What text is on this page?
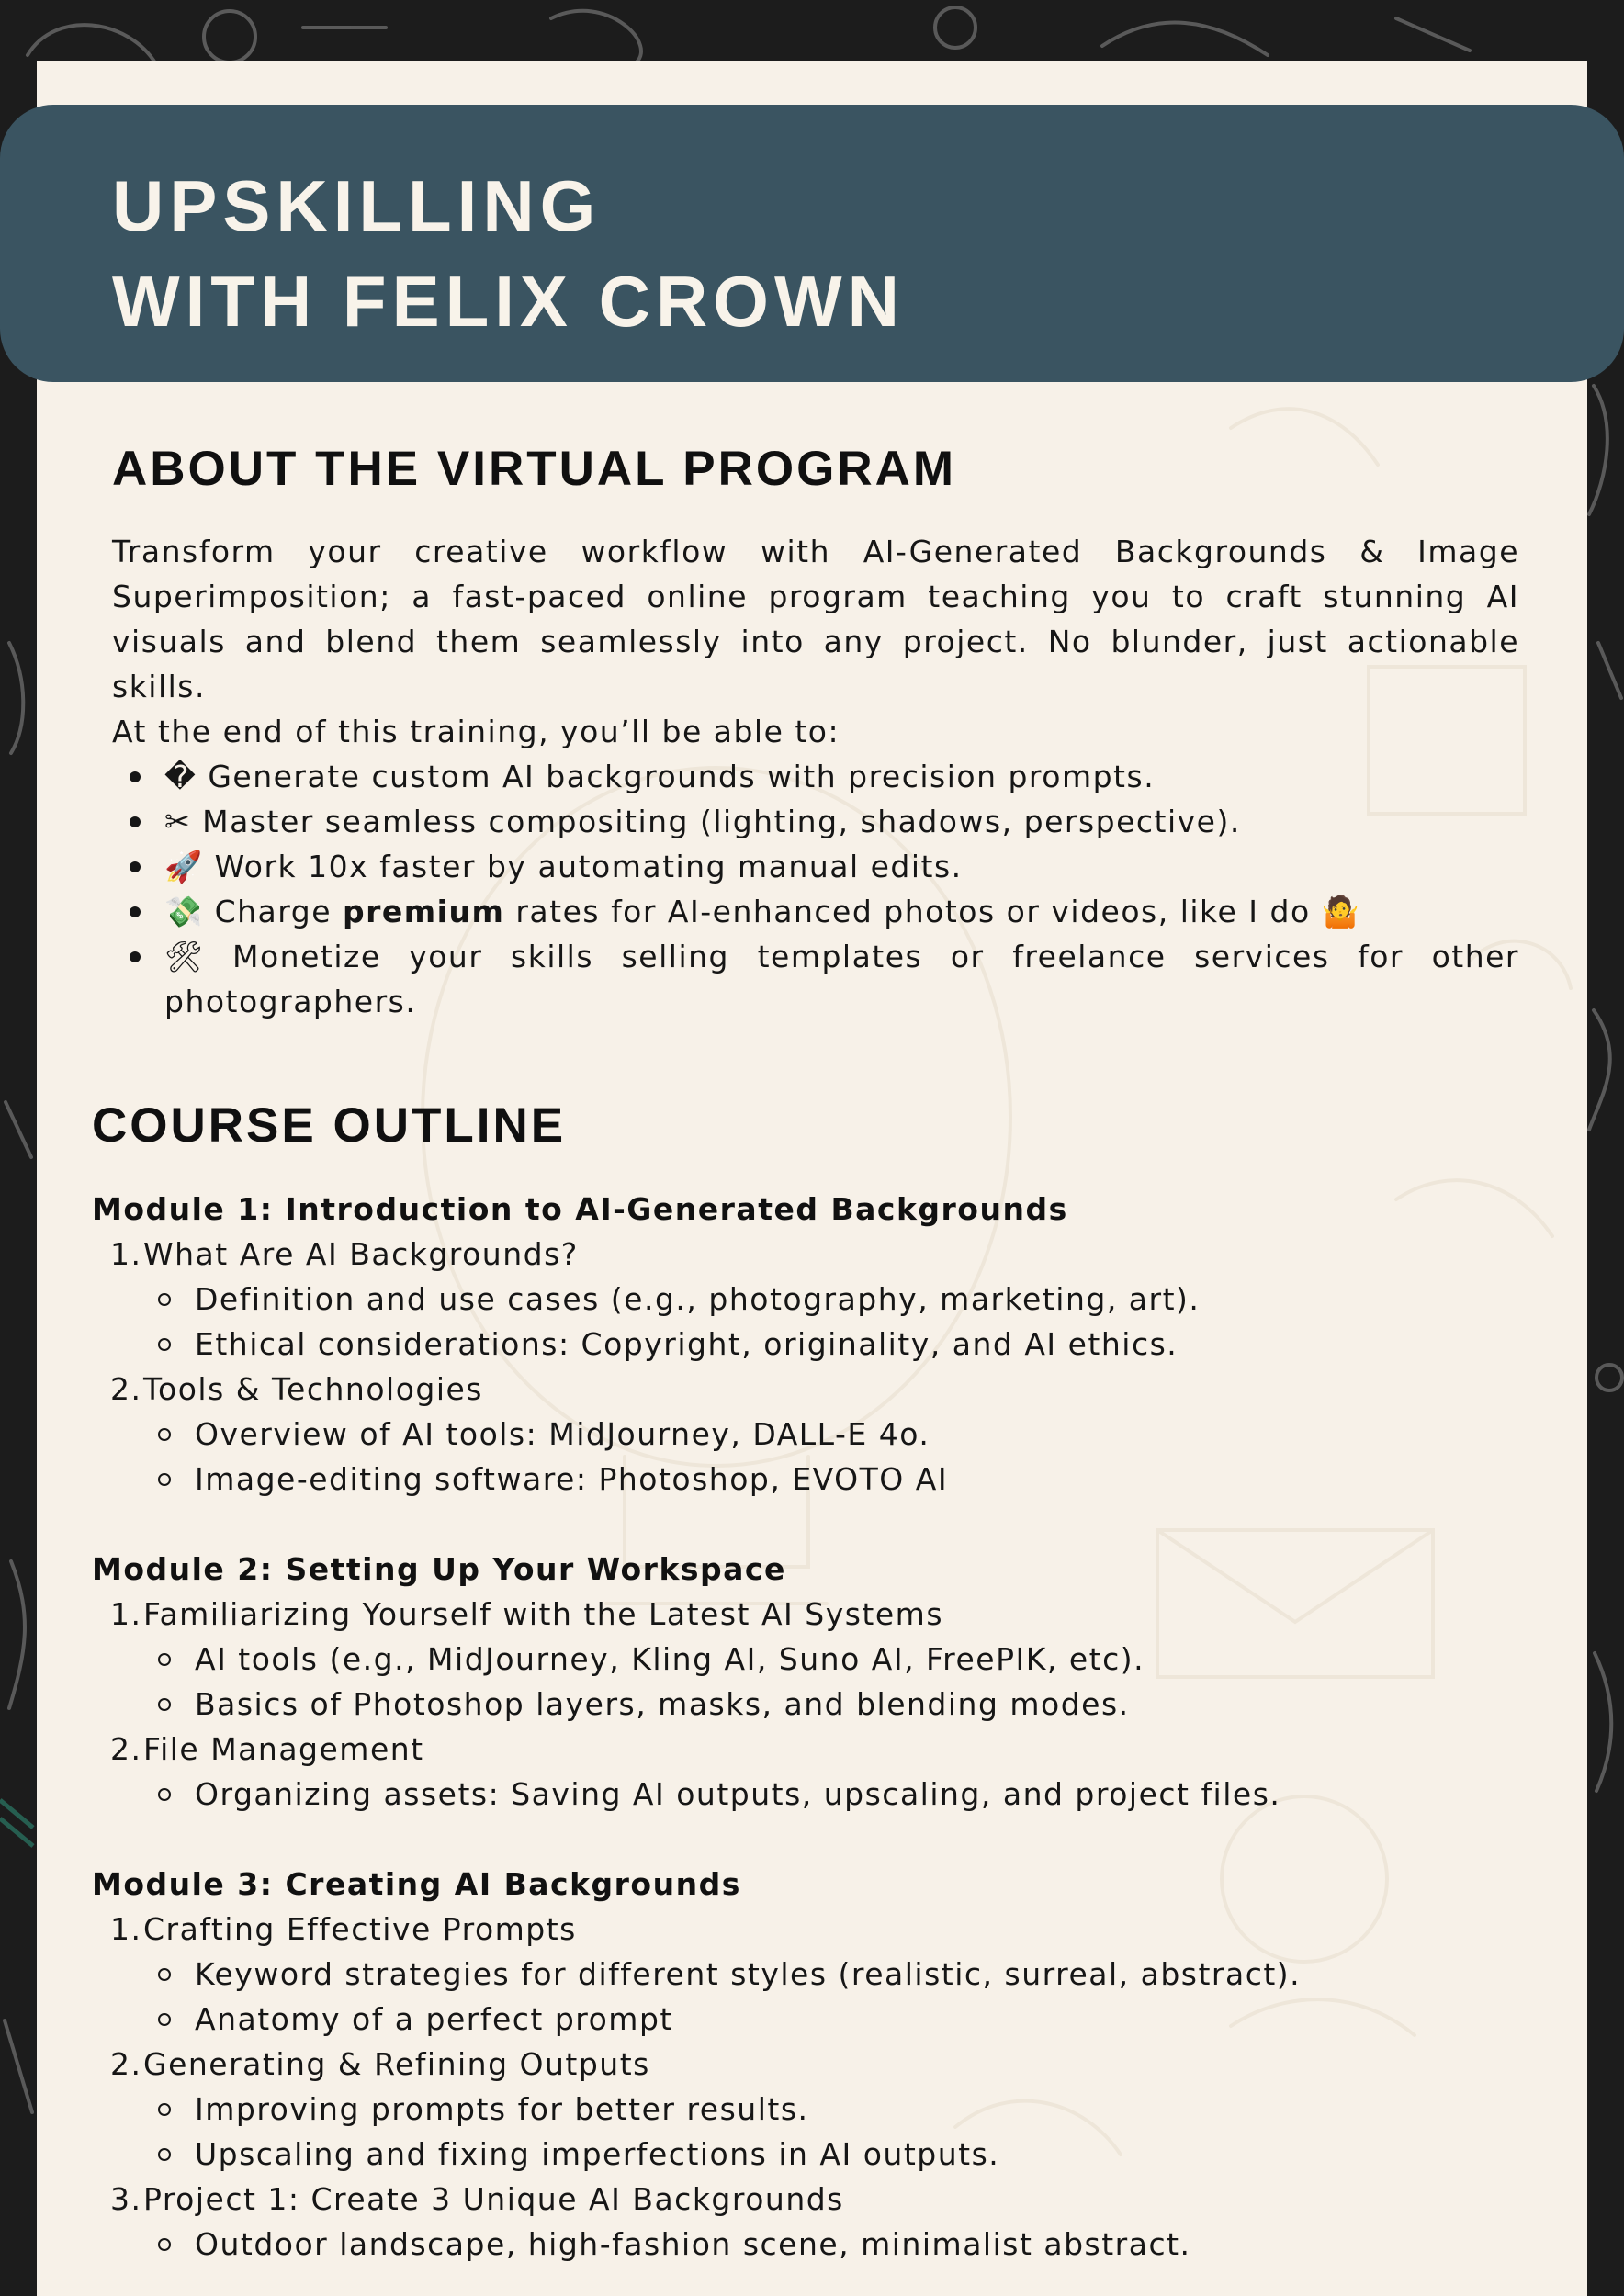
UPSKILLING
WITH FELIX CROWN
ABOUT THE VIRTUAL PROGRAM

Transform your creative workflow with AI-Generated Backgrounds & Image Superimposition; a fast-paced online program teaching you to craft stunning AI visuals and blend them seamlessly into any project. No blunder, just actionable skills.

At the end of this training, you’ll be able to:

� Generate custom AI backgrounds with precision prompts.
✂ Master seamless compositing (lighting, shadows, perspective).
🚀 Work 10x faster by automating manual edits.
💸 Charge premium rates for AI-enhanced photos or videos, like I do 🤷
🛠 Monetize your skills selling templates or freelance services for other photographers.
COURSE OUTLINE

Module 1: Introduction to AI-Generated Backgrounds

1. What Are AI Backgrounds?

Definition and use cases (e.g., photography, marketing, art).

Ethical considerations: Copyright, originality, and AI ethics.

2. Tools & Technologies

Overview of AI tools: MidJourney, DALL-E 4o.

Image-editing software: Photoshop, EVOTO AI

Module 2: Setting Up Your Workspace

1. Familiarizing Yourself with the Latest AI Systems

AI tools (e.g., MidJourney, Kling AI, Suno AI, FreePIK, etc).

Basics of Photoshop layers, masks, and blending modes.

2. File Management

Organizing assets: Saving AI outputs, upscaling, and project files.

Module 3: Creating AI Backgrounds

1. Crafting Effective Prompts

Keyword strategies for different styles (realistic, surreal, abstract).

Anatomy of a perfect prompt

2. Generating & Refining Outputs

Improving prompts for better results.

Upscaling and fixing imperfections in AI outputs.

3. Project 1: Create 3 Unique AI Backgrounds

Outdoor landscape, high-fashion scene, minimalist abstract.
